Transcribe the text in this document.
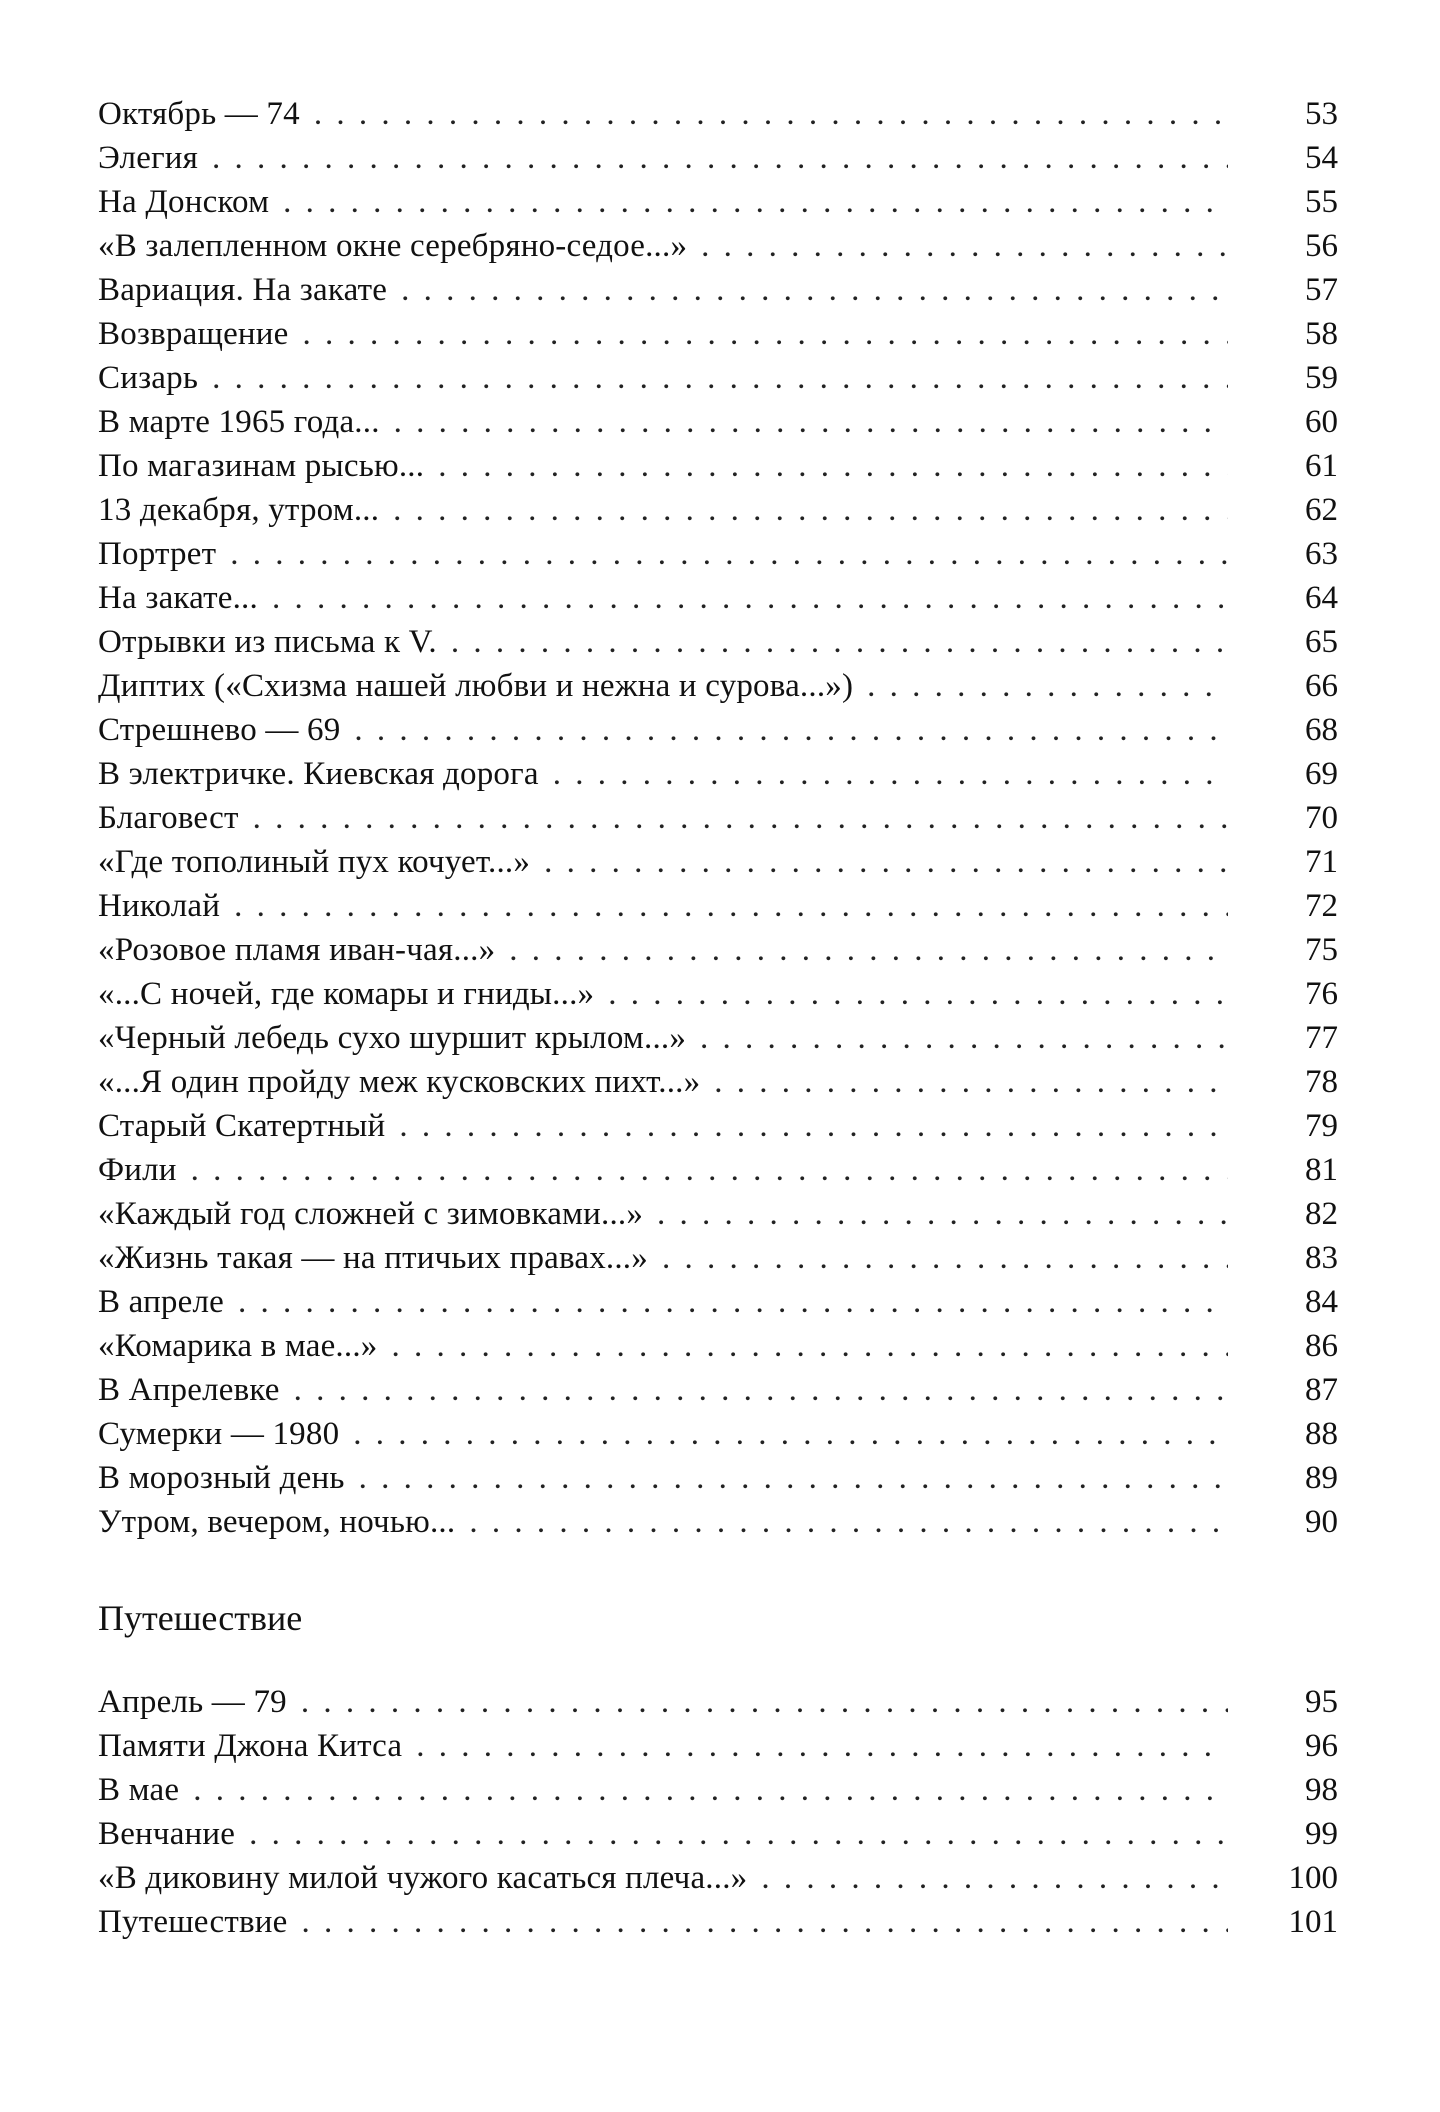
Октябрь — 74 . . .	53
Элегия . . .	54
На Донском . . .	55
«В залепленном окне серебряно-седое...» . . .	56
Вариация. На закате . . .	57
Возвращение . . .	58
Сизарь . . .	59
В марте 1965 года... . . .	60
По магазинам рысью... . . .	61
13 декабря, утром... . . .	62
Портрет . . .	63
На закате... . . .	64
Отрывки из письма к V. . . .	65
Диптих («Схизма нашей любви и нежна и сурова...») . . .	66
Стрешнево — 69 . . .	68
В электричке. Киевская дорога . . .	69
Благовест . . .	70
«Где тополиный пух кочует...» . . .	71
Николай . . .	72
«Розовое пламя иван-чая...» . . .	75
«...С ночей, где комары и гниды...» . . .	76
«Черный лебедь сухо шуршит крылом...» . . .	77
«...Я один пройду меж кусковских пихт...» . . .	78
Старый Скатертный . . .	79
Фили . . .	81
«Каждый год сложней с зимовками...» . . .	82
«Жизнь такая — на птичьих правах...» . . .	83
В апреле . . .	84
«Комарика в мае...» . . .	86
В Апрелевке . . .	87
Сумерки — 1980 . . .	88
В морозный день . . .	89
Утром, вечером, ночью... . . .	90
Путешествие
Апрель — 79 . . .	95
Памяти Джона Китса . . .	96
В мае . . .	98
Венчание . . .	99
«В диковину милой чужого касаться плеча...» . . .	100
Путешествие . . .	101
